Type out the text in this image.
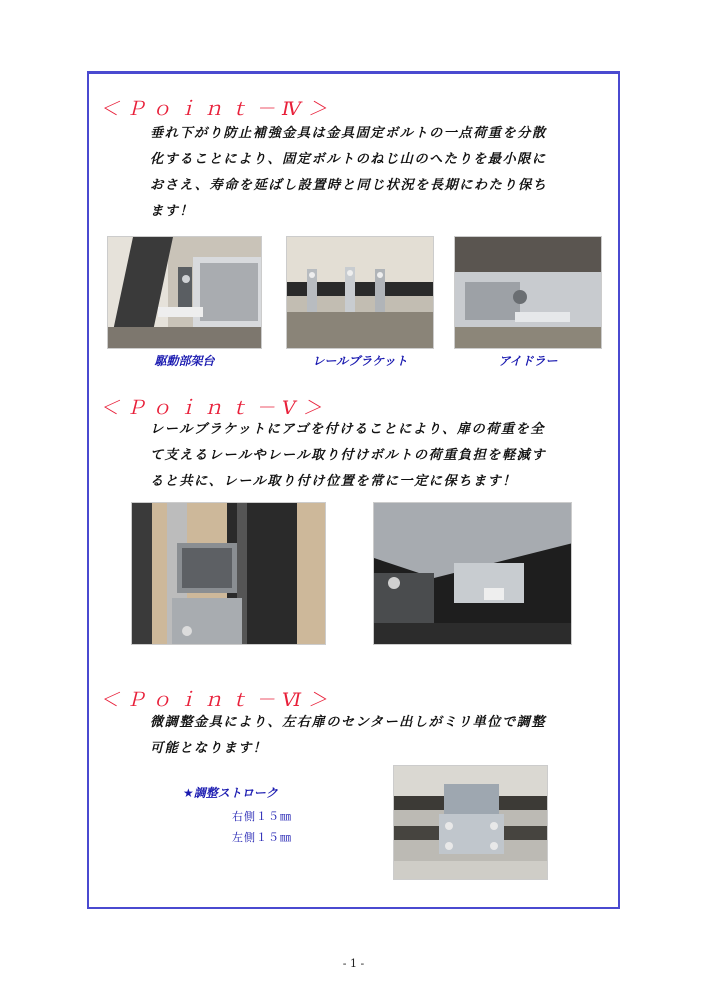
＜Ｐｏｉｎｔ－Ⅳ＞
垂れ下がり防止補強金具は金具固定ボルトの一点荷重を分散
化することにより、固定ボルトのねじ山のへたりを最小限に
おさえ、寿命を延ばし設置時と同じ状況を長期にわたり保ち
ます！
駆動部架台	レールブラケット	アイドラー
＜Ｐｏｉｎｔ－Ⅴ＞
レールブラケットにアゴを付けることにより、扉の荷重を全
て支えるレールやレール取り付けボルトの荷重負担を軽減す
ると共に、レール取り付け位置を常に一定に保ちます！
＜Ｐｏｉｎｔ－Ⅵ＞
微調整金具により、左右扉のセンター出しがミリ単位で調整
可能となります！
★調整ストローク
右側１５㎜
左側１５㎜
- 1 -
